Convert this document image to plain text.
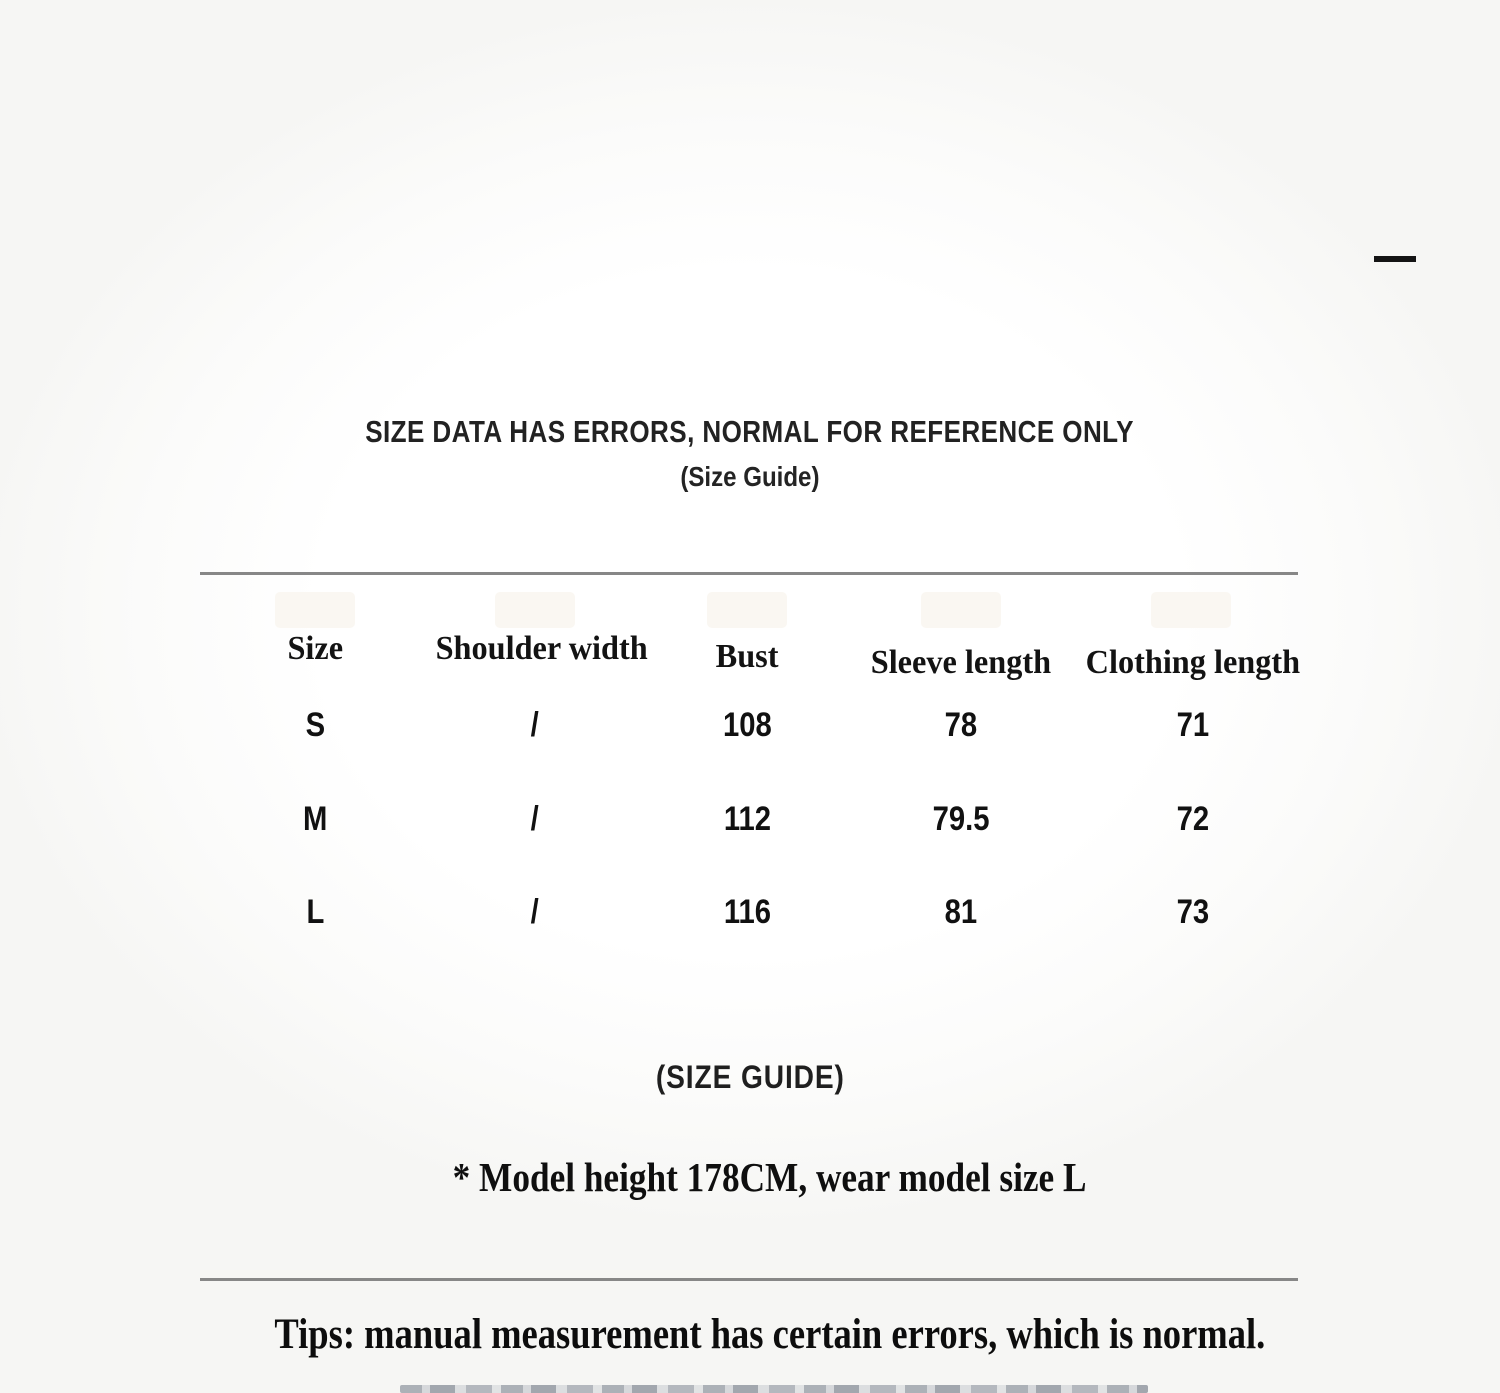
SIZE DATA HAS ERRORS, NORMAL FOR REFERENCE ONLY
(Size Guide)
Size	Shoulder width	Bust	Sleeve length	Clothing length
S	/	108	78	71
M	/	112	79.5	72
L	/	116	81	73
(SIZE GUIDE)
* Model height 178CM, wear model size L
Tips: manual measurement has certain errors, which is normal.
